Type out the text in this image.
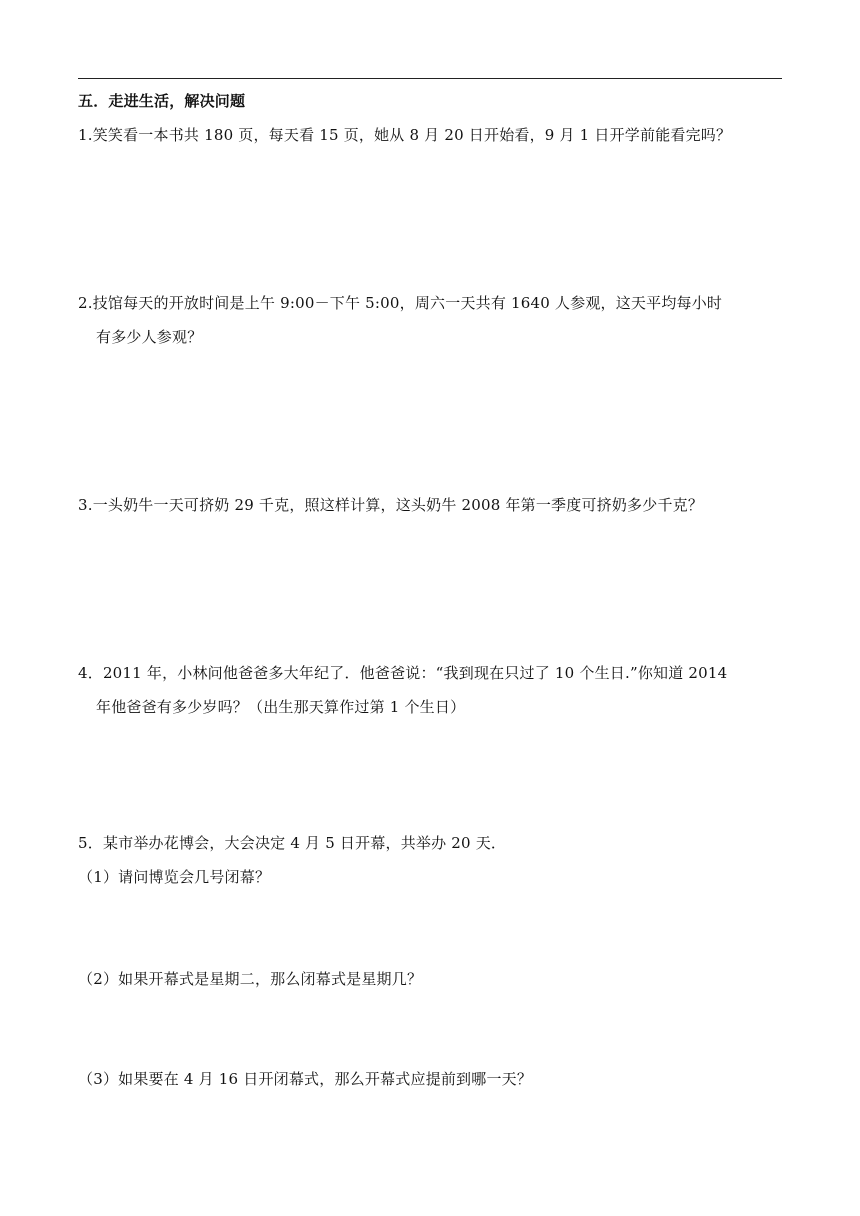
五．走进生活，解决问题
1.笑笑看一本书共 180 页，每天看 15 页，她从 8 月 20 日开始看，9 月 1 日开学前能看完吗？
2.技馆每天的开放时间是上午 9:00－下午 5:00，周六一天共有 1640 人参观，这天平均每小时
有多少人参观？
3.一头奶牛一天可挤奶 29 千克，照这样计算，这头奶牛 2008 年第一季度可挤奶多少千克？
4．2011 年，小林问他爸爸多大年纪了．他爸爸说：“我到现在只过了 10 个生日.”你知道 2014
年他爸爸有多少岁吗？（出生那天算作过第 1 个生日）
5．某市举办花博会，大会决定 4 月 5 日开幕，共举办 20 天．
（1）请问博览会几号闭幕？
（2）如果开幕式是星期二，那么闭幕式是星期几？
（3）如果要在 4 月 16 日开闭幕式，那么开幕式应提前到哪一天？
